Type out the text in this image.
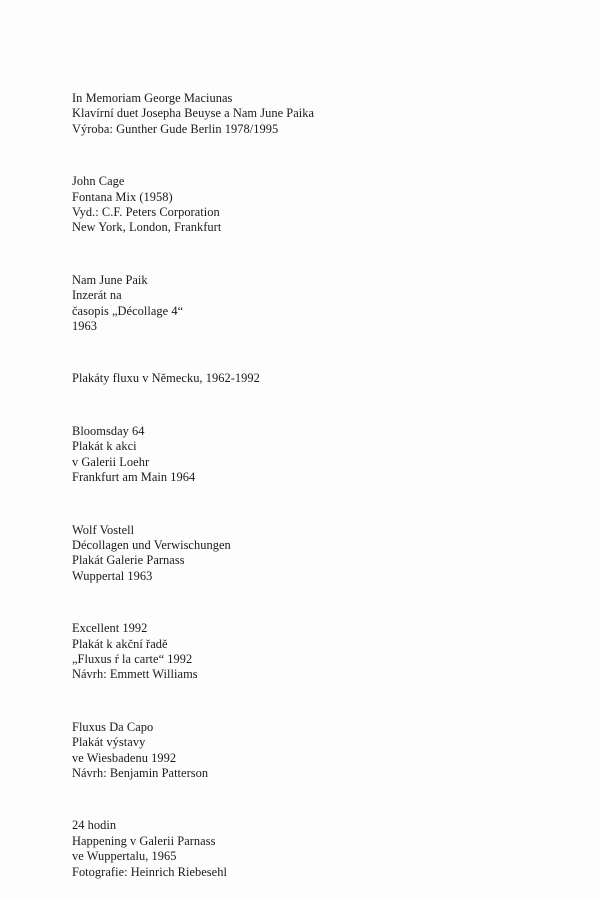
In Memoriam George Maciunas
Klavírní duet Josepha Beuyse a Nam June Paika
Výroba: Gunther Gude Berlin 1978/1995
John Cage
Fontana Mix (1958)
Vyd.: C.F. Peters Corporation
New York, London, Frankfurt
Nam June Paik
Inzerát na
časopis „Décollage 4“
1963
Plakáty fluxu v Německu, 1962-1992
Bloomsday 64
Plakát k akci
v Galerii Loehr
Frankfurt am Main 1964
Wolf Vostell
Décollagen und Verwischungen
Plakát Galerie Parnass
Wuppertal 1963
Excellent 1992
Plakát k akční řadě
„Fluxus ŕ la carte“ 1992
Návrh: Emmett Williams
Fluxus Da Capo
Plakát výstavy
ve Wiesbadenu 1992
Návrh: Benjamin Patterson
24 hodin
Happening v Galerii Parnass
ve Wuppertalu, 1965
Fotografie: Heinrich Riebesehl
